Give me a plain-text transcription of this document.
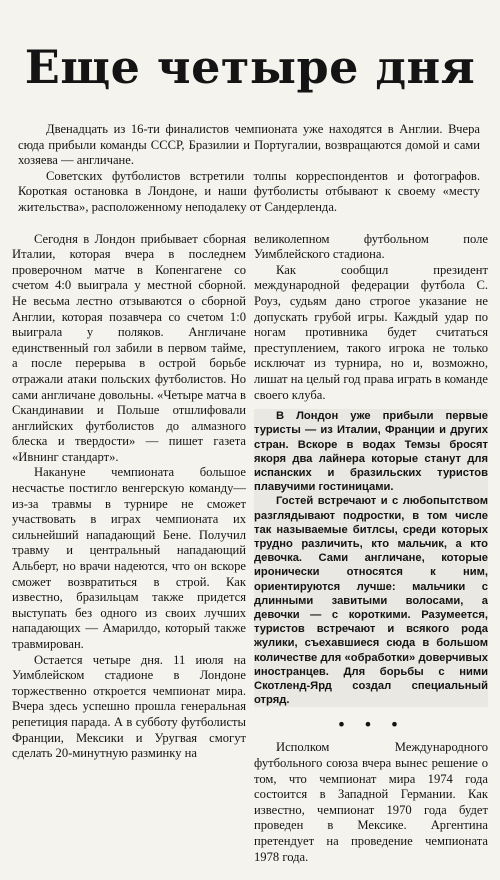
Еще четыре дня

Двенадцать из 16-ти финалистов чемпионата уже находятся в Англии. Вчера сюда прибыли команды СССР, Бразилии и Португалии, возвращаются домой и сами хозяева — англичане.

Советских футболистов встретили толпы корреспондентов и фотографов. Короткая остановка в Лондоне, и наши футболисты отбывают к своему «месту жительства», расположенному неподалеку от Сандерленда.

Сегодня в Лондон прибывает сборная Италии, которая вчера в последнем проверочном матче в Копенгагене со счетом 4:0 выиграла у местной сборной. Не весьма лестно отзываются о сборной Англии, которая позавчера со счетом 1:0 выиграла у поляков. Англичане единственный гол забили в первом тайме, а после перерыва в острой борьбе отражали атаки польских футболистов. Но сами англичане довольны. «Четыре матча в Скандинавии и Польше отшлифовали английских футболистов до алмазного блеска и твердости» — пишет газета «Ивнинг стандарт».

Накануне чемпионата большое несчастье постигло венгерскую команду— из-за травмы в турнире не сможет участвовать в играх чемпионата их сильнейший нападающий Бене. Получил травму и центральный нападающий Альберт, но врачи надеются, что он вскоре сможет возвратиться в строй. Как известно, бразильцам также придется выступать без одного из своих лучших нападающих — Амарилдо, который также травмирован.

Остается четыре дня. 11 июля на Уимблейском стадионе в Лондоне торжественно откроется чемпионат мира. Вчера здесь успешно прошла генеральная репетиция парада. А в субботу футболисты Франции, Мексики и Уругвая смогут сделать 20-минутную разминку на

великолепном футбольном поле Уимблейского стадиона.

Как сообщил президент международной федерации футбола С. Роуз, судьям дано строгое указание не допускать грубой игры. Каждый удар по ногам противника будет считаться преступлением, такого игрока не только исключат из турнира, но и, возможно, лишат на целый год права играть в команде своего клуба.

В Лондон уже прибыли первые туристы — из Италии, Франции и других стран. Вскоре в водах Темзы бросят якоря два лайнера которые станут для испанских и бразильских туристов плавучими гостиницами.

Гостей встречают и с любопытством разглядывают подростки, в том числе так называемые битлсы, среди которых трудно различить, кто мальчик, а кто девочка. Сами англичане, которые иронически относятся к ним, ориентируются лучше: мальчики с длинными завитыми волосами, а девочки — с короткими. Разумеется, туристов встречают и всякого рода жулики, съехавшиеся сюда в большом количестве для «обработки» доверчивых иностранцев. Для борьбы с ними Скотленд-Ярд создал специальный отряд.

• • •

Исполком Международного футбольного союза вчера вынес решение о том, что чемпионат мира 1974 года состоится в Западной Германии. Как известно, чемпионат 1970 года будет проведен в Мексике. Аргентина претендует на проведение чемпионата 1978 года.
